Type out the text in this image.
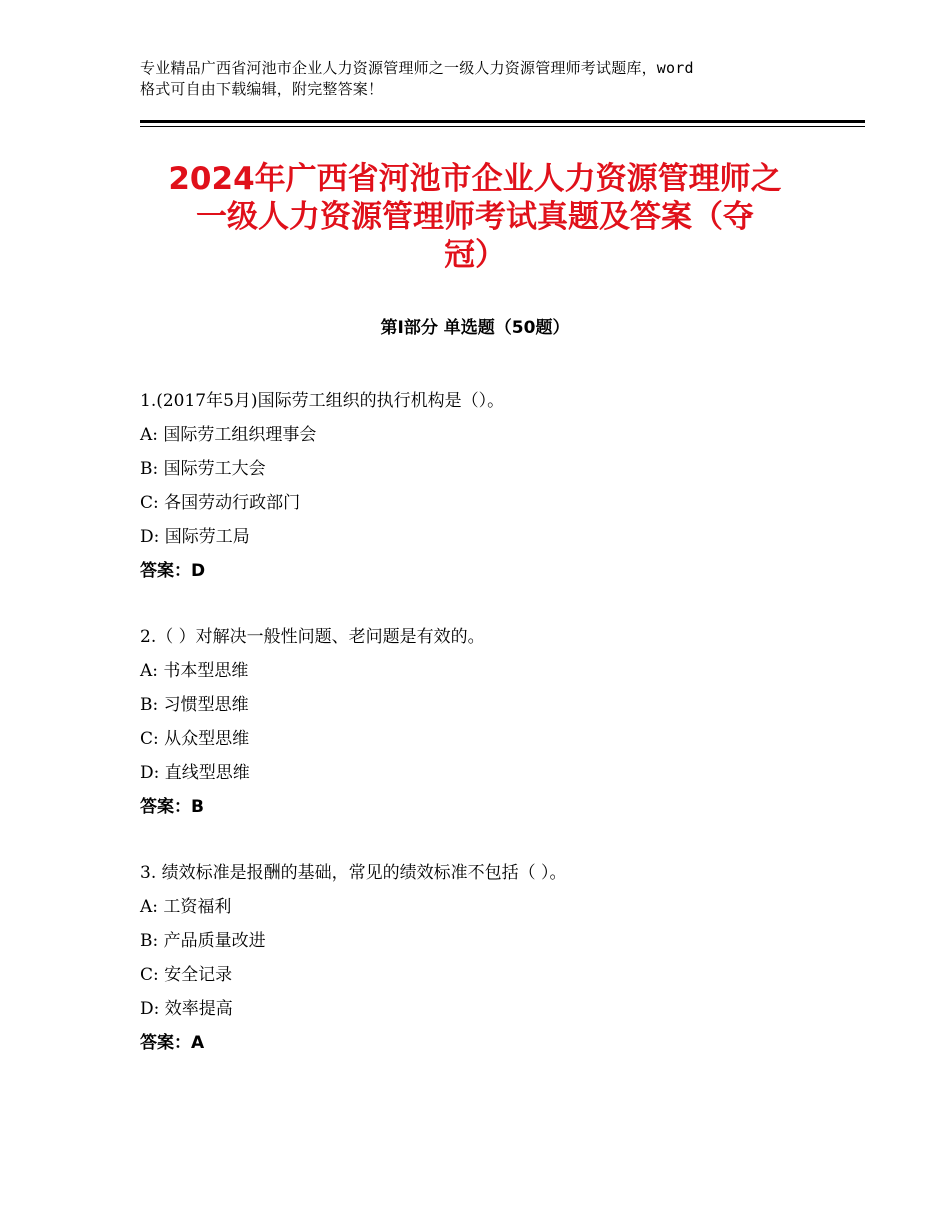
专业精品广西省河池市企业人力资源管理师之一级人力资源管理师考试题库，word
格式可自由下载编辑，附完整答案！
2024年广西省河池市企业人力资源管理师之
一级人力资源管理师考试真题及答案（夺
冠）
第Ⅰ部分 单选题（50题）
1.(2017年5月)国际劳工组织的执行机构是（）。
A: 国际劳工组织理事会
B: 国际劳工大会
C: 各国劳动行政部门
D: 国际劳工局
答案：D
2.（ ）对解决一般性问题、老问题是有效的。
A: 书本型思维
B: 习惯型思维
C: 从众型思维
D: 直线型思维
答案：B
3. 绩效标准是报酬的基础，常见的绩效标准不包括（ ）。
A: 工资福利
B: 产品质量改进
C: 安全记录
D: 效率提高
答案：A
